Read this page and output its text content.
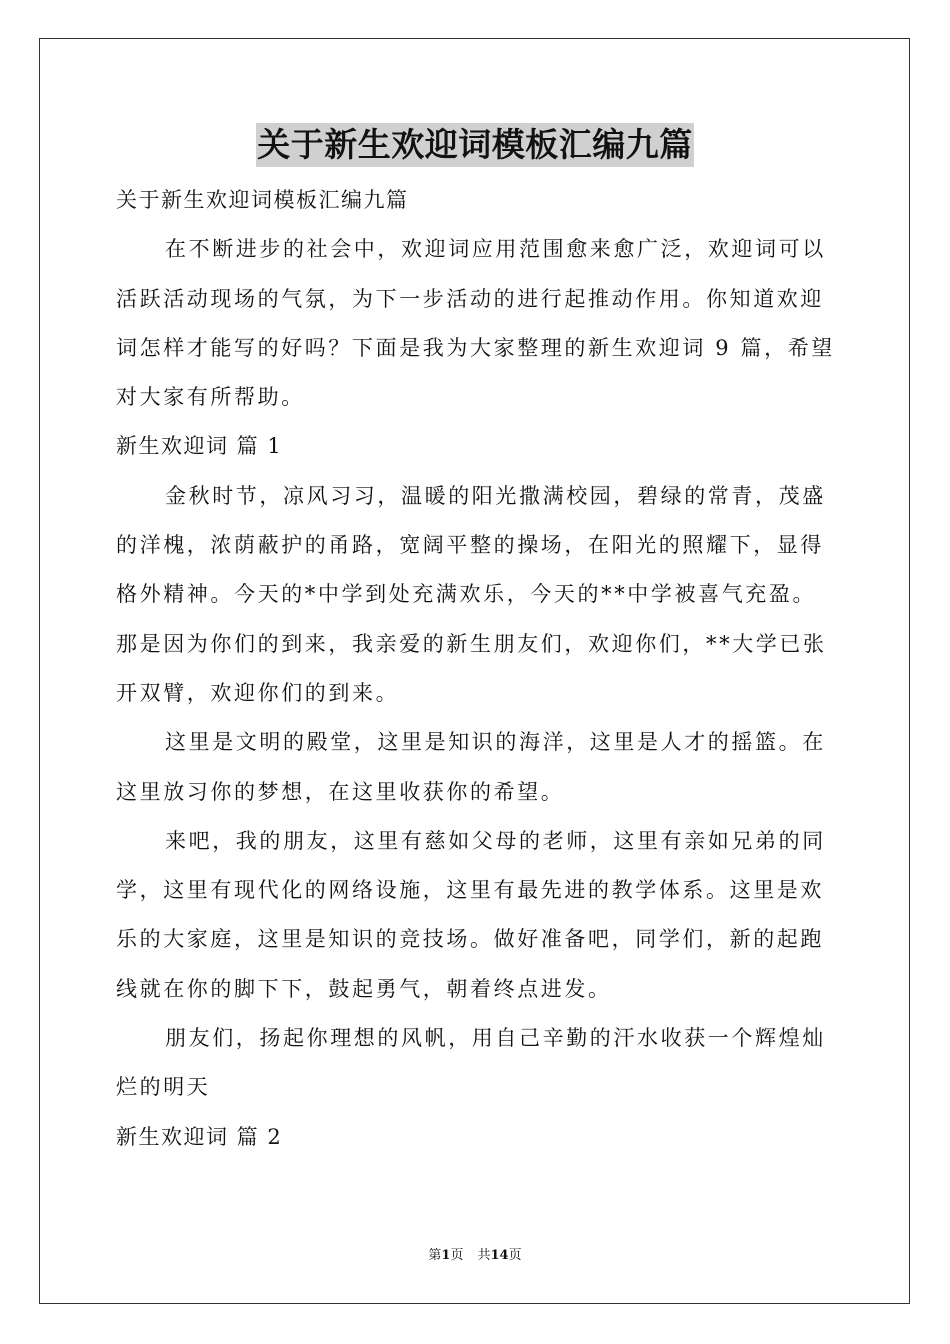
关于新生欢迎词模板汇编九篇

关于新生欢迎词模板汇编九篇

在不断进步的社会中，欢迎词应用范围愈来愈广泛，欢迎词可以

活跃活动现场的气氛，为下一步活动的进行起推动作用。你知道欢迎

词怎样才能写的好吗？下面是我为大家整理的新生欢迎词 9 篇，希望

对大家有所帮助。

新生欢迎词 篇 1

金秋时节，凉风习习，温暖的阳光撒满校园，碧绿的常青，茂盛

的洋槐，浓荫蔽护的甬路，宽阔平整的操场，在阳光的照耀下，显得

格外精神。今天的*中学到处充满欢乐，今天的**中学被喜气充盈。

那是因为你们的到来，我亲爱的新生朋友们，欢迎你们，**大学已张

开双臂，欢迎你们的到来。

这里是文明的殿堂，这里是知识的海洋，这里是人才的摇篮。在

这里放习你的梦想，在这里收获你的希望。

来吧，我的朋友，这里有慈如父母的老师，这里有亲如兄弟的同

学，这里有现代化的网络设施，这里有最先进的教学体系。这里是欢

乐的大家庭，这里是知识的竞技场。做好准备吧，同学们，新的起跑

线就在你的脚下下，鼓起勇气，朝着终点进发。

朋友们，扬起你理想的风帆，用自己辛勤的汗水收获一个辉煌灿

烂的明天

新生欢迎词 篇 2

第1页 共14页
